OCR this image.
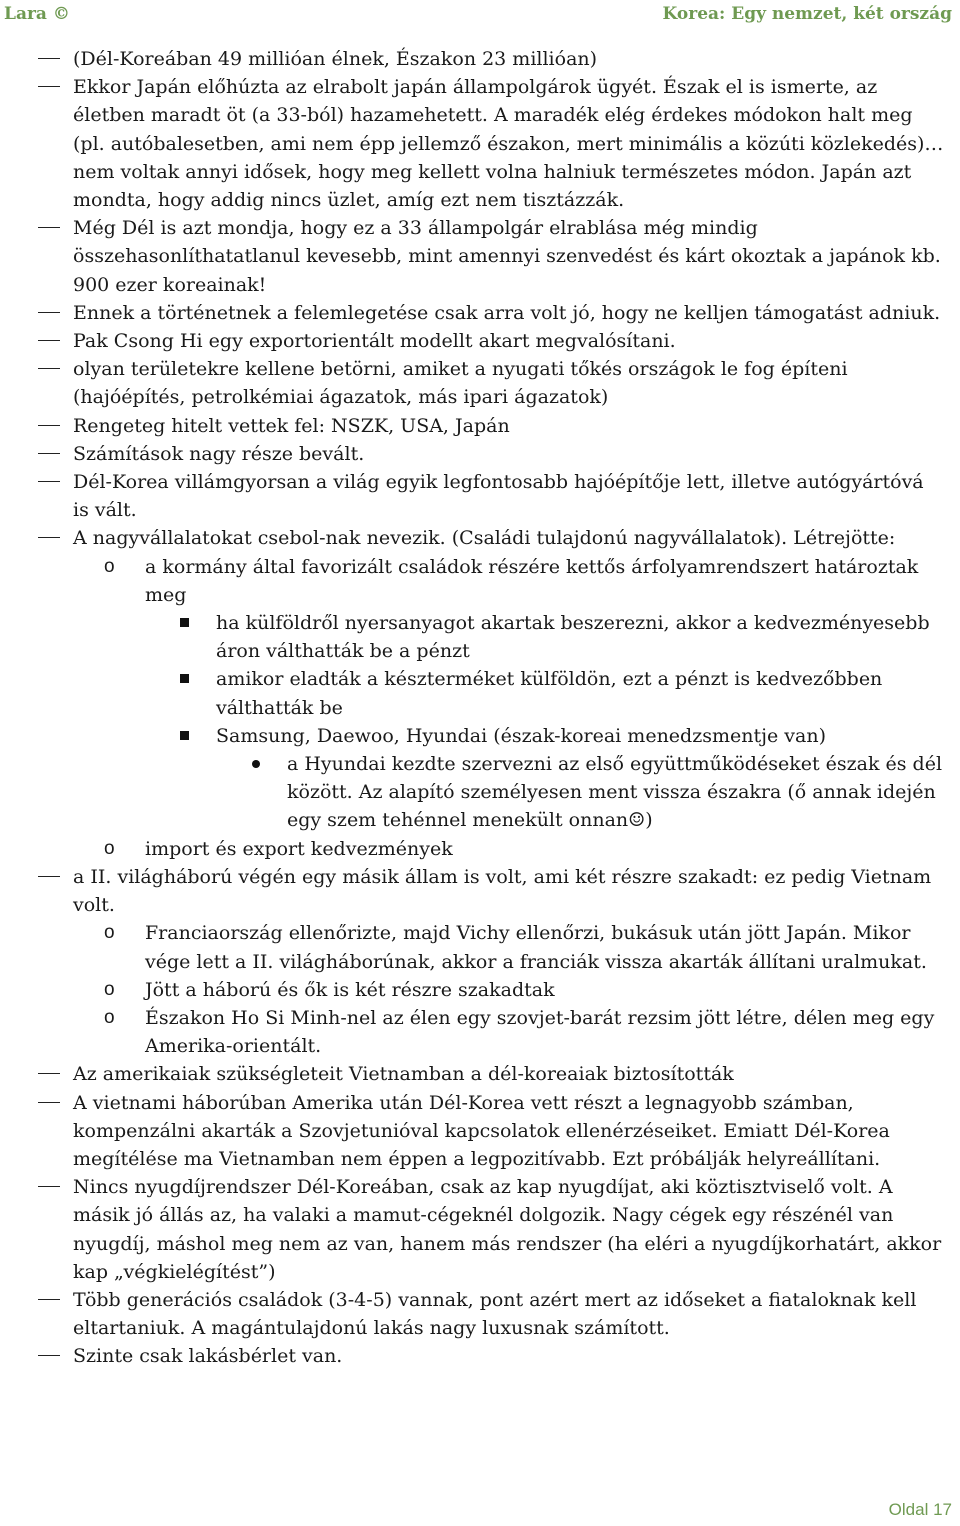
Lara ©	Korea: Egy nemzet, két ország
(Dél-Koreában 49 millióan élnek, Északon 23 millióan)
Ekkor Japán előhúzta az elrabolt japán állampolgárok ügyét. Észak el is ismerte, az életben maradt öt (a 33-ból) hazamehetett. A maradék elég érdekes módokon halt meg (pl. autóbalesetben, ami nem épp jellemző északon, mert minimális a közúti közlekedés)… nem voltak annyi idősek, hogy meg kellett volna halniuk természetes módon. Japán azt mondta, hogy addig nincs üzlet, amíg ezt nem tisztázzák.
Még Dél is azt mondja, hogy ez a 33 állampolgár elrablása még mindig összehasonlíthatatlanul kevesebb, mint amennyi szenvedést és kárt okoztak a japánok kb. 900 ezer koreainak!
Ennek a történetnek a felemlegetése csak arra volt jó, hogy ne kelljen támogatást adniuk.
Pak Csong Hi egy exportorientált modellt akart megvalósítani.
olyan területekre kellene betörni, amiket a nyugati tőkés országok le fog építeni (hajóépítés, petrolkémiai ágazatok, más ipari ágazatok)
Rengeteg hitelt vettek fel: NSZK, USA, Japán
Számítások nagy része bevált.
Dél-Korea villámgyorsan a világ egyik legfontosabb hajóépítője lett, illetve autógyártóvá is vált.
A nagyvállalatokat csebol-nak nevezik. (Családi tulajdonú nagyvállalatok). Létrejötte:
o a kormány által favorizált családok részére kettős árfolyamrendszert határoztak meg
ha külföldről nyersanyagot akartak beszerezni, akkor a kedvezményesebb áron válthatták be a pénzt
amikor eladták a készterméket külföldön, ezt a pénzt is kedvezőbben válthatták be
Samsung, Daewoo, Hyundai (észak-koreai menedzsmentje van)
a Hyundai kezdte szervezni az első együttműködéseket észak és dél között. Az alapító személyesen ment vissza északra (ő annak idején egy szem tehénnel menekült onnan☺)
o import és export kedvezmények
a II. világháború végén egy másik állam is volt, ami két részre szakadt: ez pedig Vietnam volt.
o Franciaország ellenőrizte, majd Vichy ellenőrzi, bukásuk után jött Japán. Mikor vége lett a II. világháborúnak, akkor a franciák vissza akarták állítani uralmukat.
o Jött a háború és ők is két részre szakadtak
o Északon Ho Si Minh-nel az élen egy szovjet-barát rezsim jött létre, délen meg egy Amerika-orientált.
Az amerikaiak szükségleteit Vietnamban a dél-koreaiak biztosították
A vietnami háborúban Amerika után Dél-Korea vett részt a legnagyobb számban, kompenzálni akarták a Szovjetunióval kapcsolatok ellenérzéseiket. Emiatt Dél-Korea megítélése ma Vietnamban nem éppen a legpozitívabb. Ezt próbálják helyreállítani.
Nincs nyugdíjrendszer Dél-Koreában, csak az kap nyugdíjat, aki köztisztviselő volt. A másik jó állás az, ha valaki a mamut-cégeknél dolgozik. Nagy cégek egy részénél van nyugdíj, máshol meg nem az van, hanem más rendszer (ha eléri a nyugdíjkorhatárt, akkor kap „végkielégítést”)
Több generációs családok (3-4-5) vannak, pont azért mert az időseket a fiataloknak kell eltartaniuk. A magántulajdonú lakás nagy luxusnak számított.
Szinte csak lakásbérlet van.
Oldal 17
